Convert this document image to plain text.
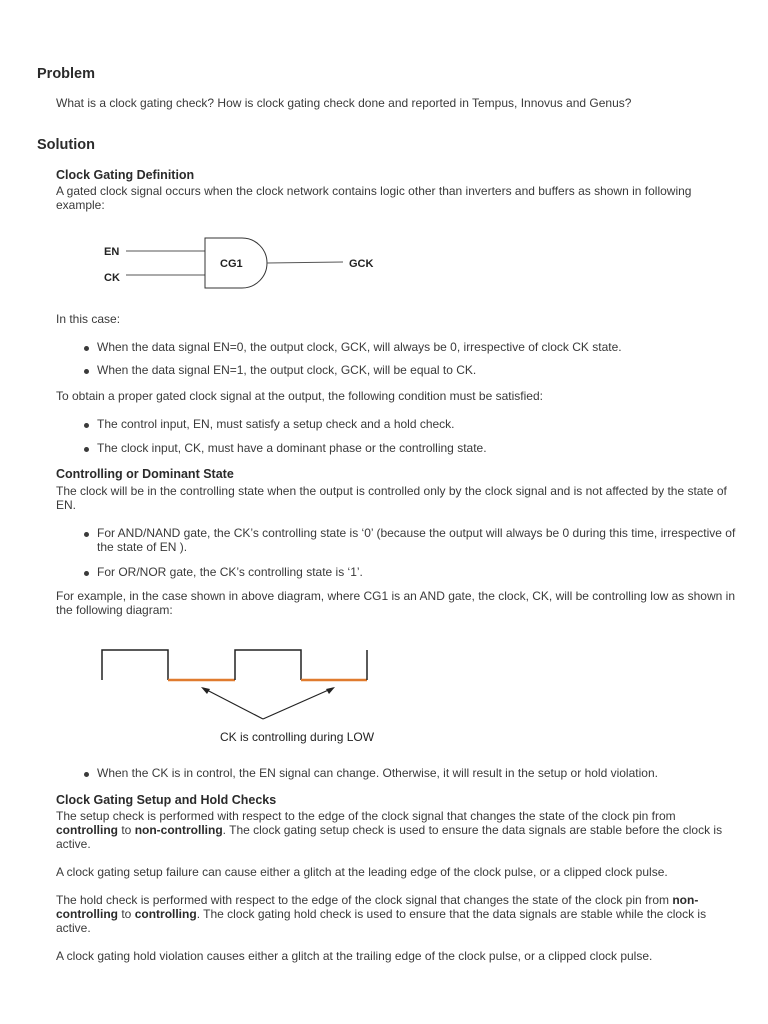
Problem

What is a clock gating check? How is clock gating check done and reported in Tempus, Innovus and Genus?

Solution
Clock Gating Definition

A gated clock signal occurs when the clock network contains logic other than inverters and buffers as shown in following example:

EN
CK
CG1	GCK

In this case:

When the data signal EN=0, the output clock, GCK, will always be 0, irrespective of clock CK state.

When the data signal EN=1, the output clock, GCK, will be equal to CK.

To obtain a proper gated clock signal at the output, the following condition must be satisfied:

The control input, EN, must satisfy a setup check and a hold check.

The clock input, CK, must have a dominant phase or the controlling state.

Controlling or Dominant State

The clock will be in the controlling state when the output is controlled only by the clock signal and is not affected by the state of EN.

For AND/NAND gate, the CK’s controlling state is ‘0’ (because the output will always be 0 during this time, irrespective of the state of EN ).

For OR/NOR gate, the CK’s controlling state is ‘1’.

For example, in the case shown in above diagram, where CG1 is an AND gate, the clock, CK, will be controlling low as shown in the following diagram:

CK is controlling during LOW

When the CK is in control, the EN signal can change. Otherwise, it will result in the setup or hold violation.

Clock Gating Setup and Hold Checks

The setup check is performed with respect to the edge of the clock signal that changes the state of the clock pin from controlling to non-controlling. The clock gating setup check is used to ensure the data signals are stable before the clock is active.

A clock gating setup failure can cause either a glitch at the leading edge of the clock pulse, or a clipped clock pulse.

The hold check is performed with respect to the edge of the clock signal that changes the state of the clock pin from non-controlling to controlling. The clock gating hold check is used to ensure that the data signals are stable while the clock is active.

A clock gating hold violation causes either a glitch at the trailing edge of the clock pulse, or a clipped clock pulse.
